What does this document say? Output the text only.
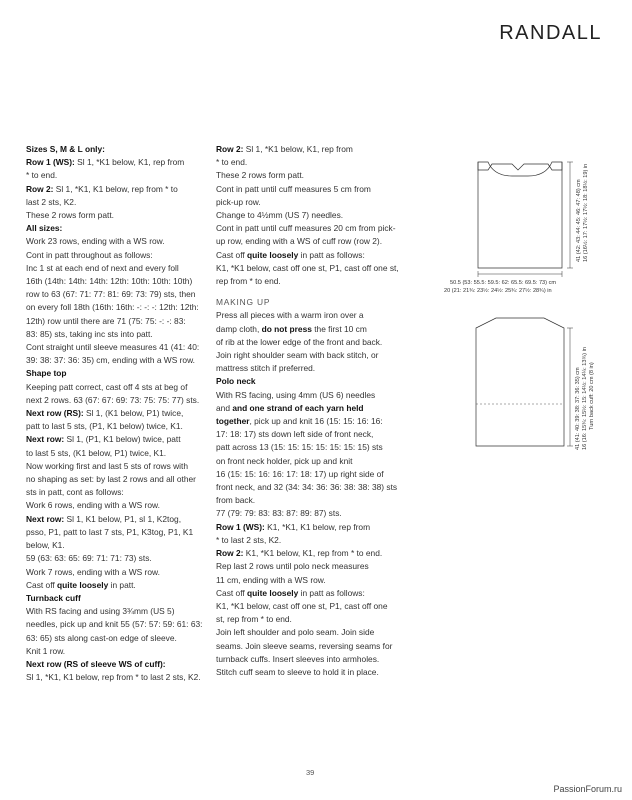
RANDALL

Sizes S, M & L only:

Row 1 (WS): Sl 1, *K1 below, K1, rep from

* to end.

Row 2: Sl 1, *K1, K1 below, rep from * to

last 2 sts, K2.

These 2 rows form patt.

All sizes:

Work 23 rows, ending with a WS row.

Cont in patt throughout as follows:

Inc 1 st at each end of next and every foll

16th (14th: 14th: 14th: 12th: 10th: 10th: 10th)

row to 63 (67: 71: 77: 81: 69: 73: 79) sts, then

on every foll 18th (16th: 16th: -: -: -: 12th: 12th:

12th) row until there are 71 (75: 75: -: -: 83:

83: 85) sts, taking inc sts into patt.

Cont straight until sleeve measures 41 (41: 40:

39: 38: 37: 36: 35) cm, ending with a WS row.

Shape top

Keeping patt correct, cast off 4 sts at beg of

next 2 rows. 63 (67: 67: 69: 73: 75: 75: 77) sts.

Next row (RS): Sl 1, (K1 below, P1) twice,

patt to last 5 sts, (P1, K1 below) twice, K1.

Next row: Sl 1, (P1, K1 below) twice, patt

to last 5 sts, (K1 below, P1) twice, K1.

Now working first and last 5 sts of rows with

no shaping as set: by last 2 rows and all other

sts in patt, cont as follows:

Work 6 rows, ending with a WS row.

Next row: Sl 1, K1 below, P1, sl 1, K2tog,

psso, P1, patt to last 7 sts, P1, K3tog, P1, K1

below, K1.

59 (63: 63: 65: 69: 71: 71: 73) sts.

Work 7 rows, ending with a WS row.

Cast off quite loosely in patt.

Turnback cuff

With RS facing and using 3¾mm (US 5)

needles, pick up and knit 55 (57: 57: 59: 61: 63:

63: 65) sts along cast-on edge of sleeve.

Knit 1 row.

Next row (RS of sleeve WS of cuff):

Sl 1, *K1, K1 below, rep from * to last 2 sts, K2.

Row 2: Sl 1, *K1 below, K1, rep from

* to end.

These 2 rows form patt.

Cont in patt until cuff measures 5 cm from

pick-up row.

Change to 4½mm (US 7) needles.

Cont in patt until cuff measures 20 cm from pick-

up row, ending with a WS of cuff row (row 2).

Cast off quite loosely in patt as follows:

K1, *K1 below, cast off one st, P1, cast off one st,

rep from * to end.

MAKING UP

Press all pieces with a warm iron over a

damp cloth, do not press the first 10 cm

of rib at the lower edge of the front and back.

Join right shoulder seam with back stitch, or

mattress stitch if preferred.

Polo neck

With RS facing, using 4mm (US 6) needles

and and one strand of each yarn held

together, pick up and knit 16 (15: 15: 16: 16:

17: 18: 17) sts down left side of front neck,

patt across 13 (15: 15: 15: 15: 15: 15: 15) sts

on front neck holder, pick up and knit

16 (15: 15: 16: 16: 17: 18: 17) up right side of

front neck, and 32 (34: 34: 36: 36: 38: 38: 38) sts

from back.

77 (79: 79: 83: 83: 87: 89: 87) sts.

Row 1 (WS): K1, *K1, K1 below, rep from

* to last 2 sts, K2.

Row 2: K1, *K1 below, K1, rep from * to end.

Rep last 2 rows until polo neck measures

11 cm, ending with a WS row.

Cast off quite loosely in patt as follows:

K1, *K1 below, cast off one st, P1, cast off one

st, rep from * to end.

Join left shoulder and polo seam. Join side

seams. Join sleeve seams, reversing seams for

turnback cuffs. Insert sleeves into armholes.

Stitch cuff seam to sleeve to hold it in place.

41 (42: 43: 44: 45: 46: 47: 48) cm 16 (16½: 17: 17½: 17½: 18: 18½: 19) in
50.5 (53: 55.5: 59.5: 62: 65.5: 69.5: 73) cm
20 (21: 21¾: 23½: 24½: 25¾: 27½: 28¾) in
41 (41: 40: 39: 38: 37: 36: 35) cm 16 (16: 15¾: 15½: 15: 14½: 14¼: 13¾) in Turn back cuff: 20 cm (8 in)
39
PassionForum.ru
